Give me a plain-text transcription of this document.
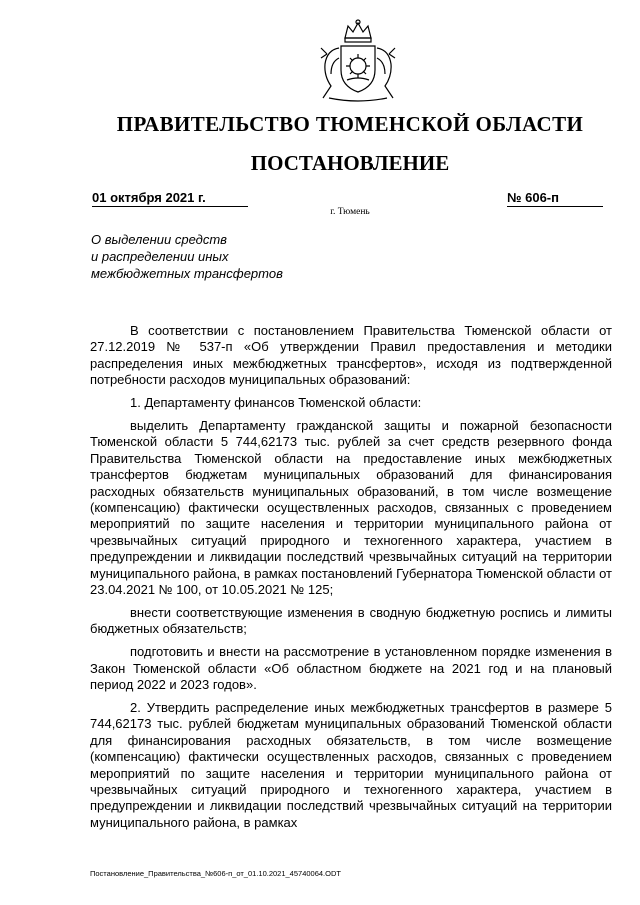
ПРАВИТЕЛЬСТВО ТЮМЕНСКОЙ ОБЛАСТИ
ПОСТАНОВЛЕНИЕ
01 октября 2021 г.	№ 606-п
г. Тюмень
О выделении средств
и распределении иных
межбюджетных трансфертов

В соответствии с постановлением Правительства Тюменской области от 27.12.2019 № 537-п «Об утверждении Правил предоставления и методики распределения иных межбюджетных трансфертов», исходя из подтвержденной потребности расходов муниципальных образований:

1. Департаменту финансов Тюменской области:

выделить Департаменту гражданской защиты и пожарной безопасности Тюменской области 5 744,62173 тыс. рублей за счет средств резервного фонда Правительства Тюменской области на предоставление иных межбюджетных трансфертов бюджетам муниципальных образований для финансирования расходных обязательств муниципальных образований, в том числе возмещение (компенсацию) фактически осуществленных расходов, связанных с проведением мероприятий по защите населения и территории муниципального района от чрезвычайных ситуаций природного и техногенного характера, участием в предупреждении и ликвидации последствий чрезвычайных ситуаций на территории муниципального района, в рамках постановлений Губернатора Тюменской области от 23.04.2021 № 100, от 10.05.2021 № 125;

внести соответствующие изменения в сводную бюджетную роспись и лимиты бюджетных обязательств;

подготовить и внести на рассмотрение в установленном порядке изменения в Закон Тюменской области «Об областном бюджете на 2021 год и на плановый период 2022 и 2023 годов».

2. Утвердить распределение иных межбюджетных трансфертов в размере 5 744,62173 тыс. рублей бюджетам муниципальных образований Тюменской области для финансирования расходных обязательств, в том числе возмещение (компенсацию) фактически осуществленных расходов, связанных с проведением мероприятий по защите населения и территории муниципального района от чрезвычайных ситуаций природного и техногенного характера, участием в предупреждении и ликвидации последствий чрезвычайных ситуаций на территории муниципального района, в рамках

Постановление_Правительства_№606-п_от_01.10.2021_45740064.ODT
